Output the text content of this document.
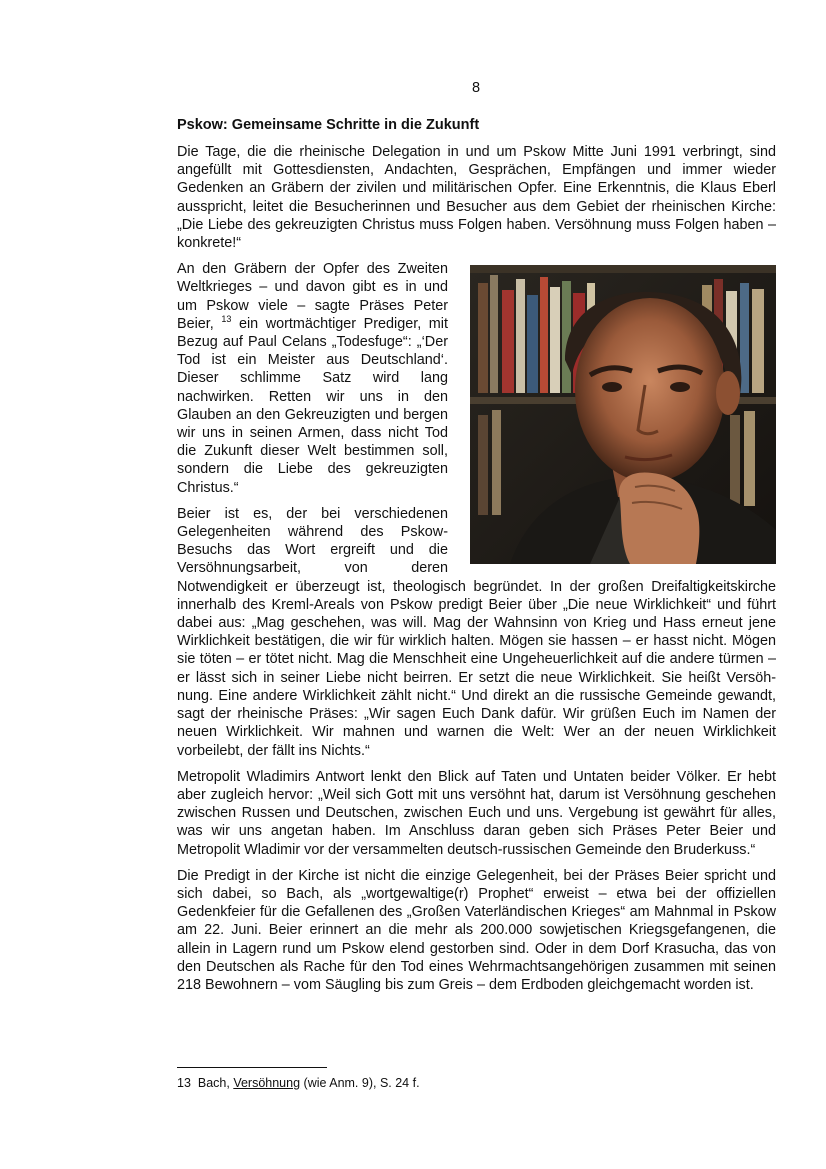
8
Pskow: Gemeinsame Schritte in die Zukunft

Die Tage, die die rheinische Delegation in und um Pskow Mitte Juni 1991 verbringt, sind angefüllt mit Gottesdiensten, Andachten, Gesprächen, Empfängen und immer wieder Gedenken an Gräbern der zivilen und militärischen Opfer. Eine Erkenntnis, die Klaus Eberl ausspricht, leitet die Besucherinnen und Besucher aus dem Gebiet der rheinischen Kirche: „Die Liebe des gekreuzigten Christus muss Folgen haben. Versöhnung muss Folgen haben – konkrete!“

An den Gräbern der Opfer des Zweiten Weltkrieges – und davon gibt es in und um Pskow viele – sagte Präses Peter Beier, $^{13}$ ein wortmächtiger Prediger, mit Bezug auf Paul Celans „Todesfuge“: „‘Der Tod ist ein Meister aus Deutschland‘. Dieser schlimme Satz wird lang nachwirken. Retten wir uns in den Glauben an den Gekreuzigten und bergen wir uns in seinen Armen, dass nicht Tod die Zukunft dieser Welt bestimmen soll, sondern die Liebe des gekreuzigten Christus.“

Beier ist es, der bei verschiedenen Gelegenheiten während des Pskow-Besuchs das Wort ergreift und die Versöhnungsarbeit, von deren Notwendigkeit er überzeugt ist, theologisch begründet. In der großen Dreifaltigkeitskirche innerhalb des Kreml-Areals von Pskow predigt Beier über „Die neue Wirklichkeit“ und führt dabei aus: „Mag geschehen, was will. Mag der Wahnsinn von Krieg und Hass erneut jene Wirklichkeit bestätigen, die wir für wirklich halten. Mögen sie hassen – er hasst nicht. Mögen sie töten – er tötet nicht. Mag die Menschheit eine Ungeheuerlichkeit auf die andere türmen – er lässt sich in seiner Liebe nicht beirren. Er setzt die neue Wirklichkeit. Sie heißt Versöhnung. Eine andere Wirklichkeit zählt nicht.“ Und direkt an die russische Gemeinde gewandt, sagt der rheinische Präses: „Wir sagen Euch Dank dafür. Wir grüßen Euch im Namen der neuen Wirklichkeit. Wir mahnen und warnen die Welt: Wer an der neuen Wirklichkeit vorbeilebt, der fällt ins Nichts.“

Metropolit Wladimirs Antwort lenkt den Blick auf Taten und Untaten beider Völker. Er hebt aber zugleich hervor: „Weil sich Gott mit uns versöhnt hat, darum ist Versöhnung geschehen zwischen Russen und Deutschen, zwischen Euch und uns. Vergebung ist gewährt für alles, was wir uns angetan haben. Im Anschluss daran geben sich Präses Peter Beier und Metropolit Wladimir vor der versammelten deutsch-russischen Gemeinde den Bruderkuss.“

Die Predigt in der Kirche ist nicht die einzige Gelegenheit, bei der Präses Beier spricht und sich dabei, so Bach, als „wortgewaltige(r) Prophet“ erweist – etwa bei der offiziellen Gedenkfeier für die Gefallenen des „Großen Vaterländischen Krieges“ am Mahnmal in Pskow am 22. Juni. Beier erinnert an die mehr als 200.000 sowjetischen Kriegsgefangenen, die allein in Lagern rund um Pskow elend gestorben sind. Oder in dem Dorf Krasucha, das von den Deutschen als Rache für den Tod eines Wehrmachtsangehörigen zusammen mit seinen 218 Bewohnern – vom Säugling bis zum Greis – dem Erdboden gleichgemacht worden ist.

13 Bach, Versöhnung (wie Anm. 9), S. 24 f.
